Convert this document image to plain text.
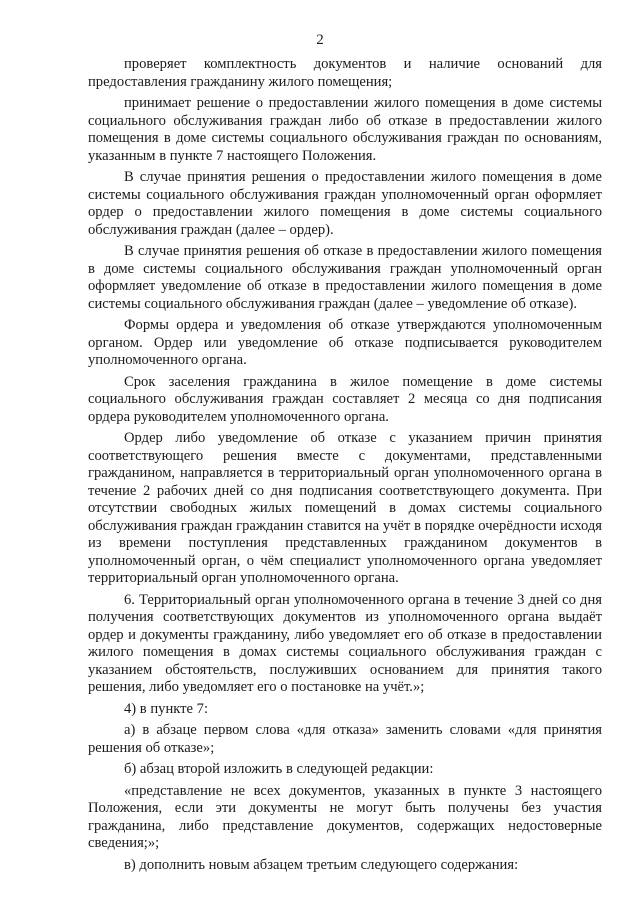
2

проверяет комплектность документов и наличие оснований для предоставления гражданину жилого помещения;

принимает решение о предоставлении жилого помещения в доме системы социального обслуживания граждан либо об отказе в предоставлении жилого помещения в доме системы социального обслуживания граждан по основаниям, указанным в пункте 7 настоящего Положения.

В случае принятия решения о предоставлении жилого помещения в доме системы социального обслуживания граждан уполномоченный орган оформляет ордер о предоставлении жилого помещения в доме системы социального обслуживания граждан (далее – ордер).

В случае принятия решения об отказе в предоставлении жилого помещения в доме системы социального обслуживания граждан уполномоченный орган оформляет уведомление об отказе в предоставлении жилого помещения в доме системы социального обслуживания граждан (далее – уведомление об отказе).

Формы ордера и уведомления об отказе утверждаются уполномоченным органом. Ордер или уведомление об отказе подписывается руководителем уполномоченного органа.

Срок заселения гражданина в жилое помещение в доме системы социального обслуживания граждан составляет 2 месяца со дня подписания ордера руководителем уполномоченного органа.

Ордер либо уведомление об отказе с указанием причин принятия соответствующего решения вместе с документами, представленными гражданином, направляется в территориальный орган уполномоченного органа в течение 2 рабочих дней со дня подписания соответствующего документа. При отсутствии свободных жилых помещений в домах системы социального обслуживания граждан гражданин ставится на учёт в порядке очерёдности исходя из времени поступления представленных гражданином документов в уполномоченный орган, о чём специалист уполномоченного органа уведомляет территориальный орган уполномоченного органа.

6. Территориальный орган уполномоченного органа в течение 3 дней со дня получения соответствующих документов из уполномоченного органа выдаёт ордер и документы гражданину, либо уведомляет его об отказе в предоставлении жилого помещения в домах системы социального обслуживания граждан с указанием обстоятельств, послуживших основанием для принятия такого решения, либо уведомляет его о постановке на учёт.»;

4) в пункте 7:

а) в абзаце первом слова «для отказа» заменить словами «для принятия решения об отказе»;

б) абзац второй изложить в следующей редакции:

«представление не всех документов, указанных в пункте 3 настоящего Положения, если эти документы не могут быть получены без участия гражданина, либо представление документов, содержащих недостоверные сведения;»;

в) дополнить новым абзацем третьим следующего содержания:
